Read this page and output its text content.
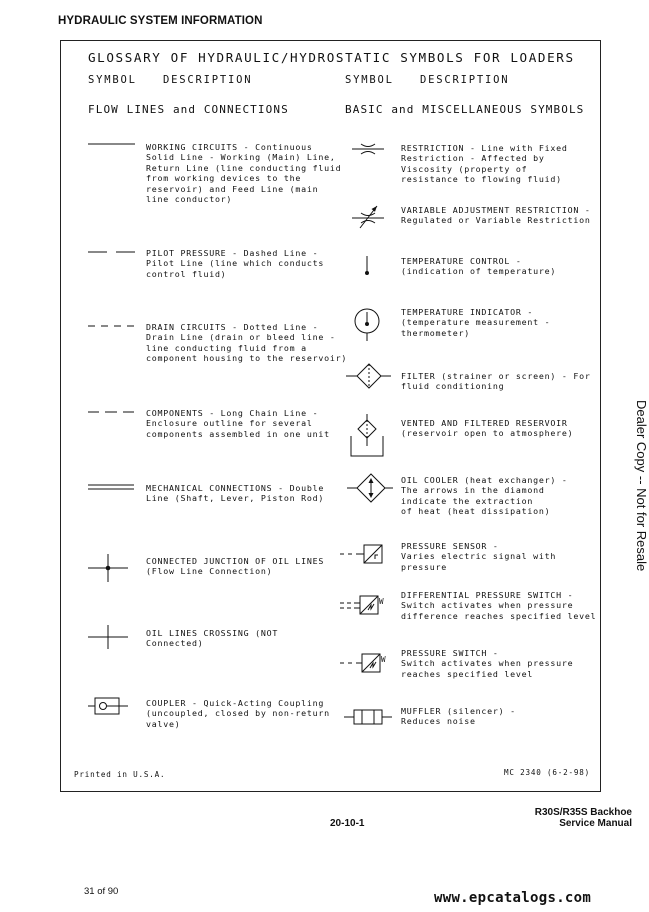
HYDRAULIC SYSTEM INFORMATION
GLOSSARY OF HYDRAULIC/HYDROSTATIC SYMBOLS FOR LOADERS
SYMBOL	DESCRIPTION	SYMBOL	DESCRIPTION
FLOW LINES and CONNECTIONS	BASIC and MISCELLANEOUS SYMBOLS
WORKING CIRCUITS - Continuous
Solid Line - Working (Main) Line,
Return Line (line conducting fluid
from working devices to the
reservoir) and Feed Line (main
line conductor)
PILOT PRESSURE - Dashed Line -
Pilot Line (line which conducts
control fluid)
DRAIN CIRCUITS - Dotted Line -
Drain Line (drain or bleed line -
line conducting fluid from a
component housing to the reservoir)
COMPONENTS - Long Chain Line -
Enclosure outline for several
components assembled in one unit
MECHANICAL CONNECTIONS - Double
Line (Shaft, Lever, Piston Rod)
CONNECTED JUNCTION OF OIL LINES
(Flow Line Connection)
OIL LINES CROSSING (NOT
Connected)
COUPLER - Quick-Acting Coupling
(uncoupled, closed by non-return
valve)
W
W
RESTRICTION - Line with Fixed
Restriction - Affected by
Viscosity (property of
resistance to flowing fluid)
VARIABLE ADJUSTMENT RESTRICTION -
Regulated or Variable Restriction
TEMPERATURE CONTROL -
(indication of temperature)
TEMPERATURE INDICATOR -
(temperature measurement -
thermometer)
FILTER (strainer or screen) - For
fluid conditioning
VENTED AND FILTERED RESERVOIR
(reservoir open to atmosphere)
OIL COOLER (heat exchanger) -
The arrows in the diamond
indicate the extraction
of heat (heat dissipation)
PRESSURE SENSOR -
Varies electric signal with
pressure
DIFFERENTIAL PRESSURE SWITCH -
Switch activates when pressure
difference reaches specified level
PRESSURE SWITCH -
Switch activates when pressure
reaches specified level
MUFFLER (silencer) -
Reduces noise
Printed in U.S.A.	MC 2340 (6-2-98)
R30S/R35S Backhoe
Service Manual
20-10-1
31 of 90	www.epcatalogs.com
Dealer Copy -- Not for Resale
